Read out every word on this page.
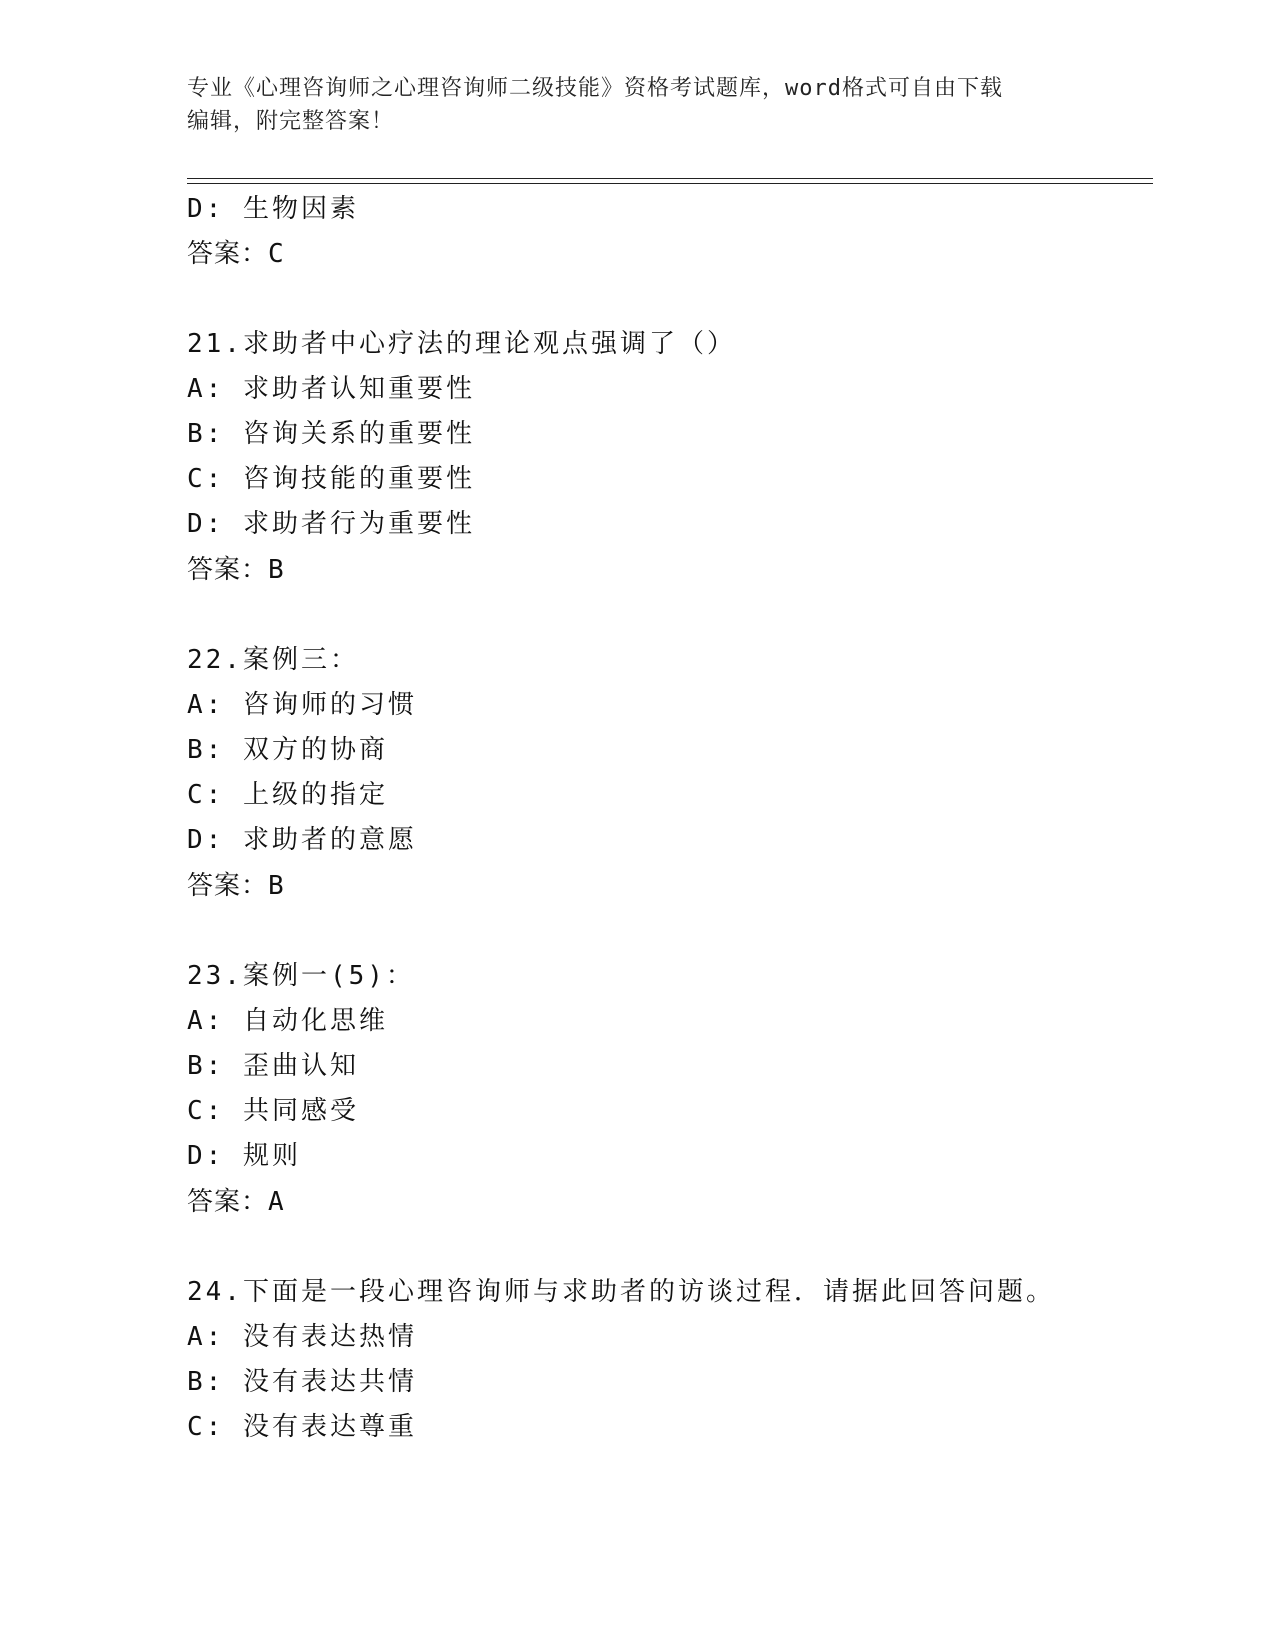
专业《心理咨询师之心理咨询师二级技能》资格考试题库，word格式可自由下载
编辑，附完整答案！
D: 生物因素
答案：C
21.求助者中心疗法的理论观点强调了（）
A: 求助者认知重要性
B: 咨询关系的重要性
C: 咨询技能的重要性
D: 求助者行为重要性
答案：B
22.案例三：
A: 咨询师的习惯
B: 双方的协商
C: 上级的指定
D: 求助者的意愿
答案：B
23.案例一(5)：
A: 自动化思维
B: 歪曲认知
C: 共同感受
D: 规则
答案：A
24.下面是一段心理咨询师与求助者的访谈过程．请据此回答问题。
A: 没有表达热情
B: 没有表达共情
C: 没有表达尊重
